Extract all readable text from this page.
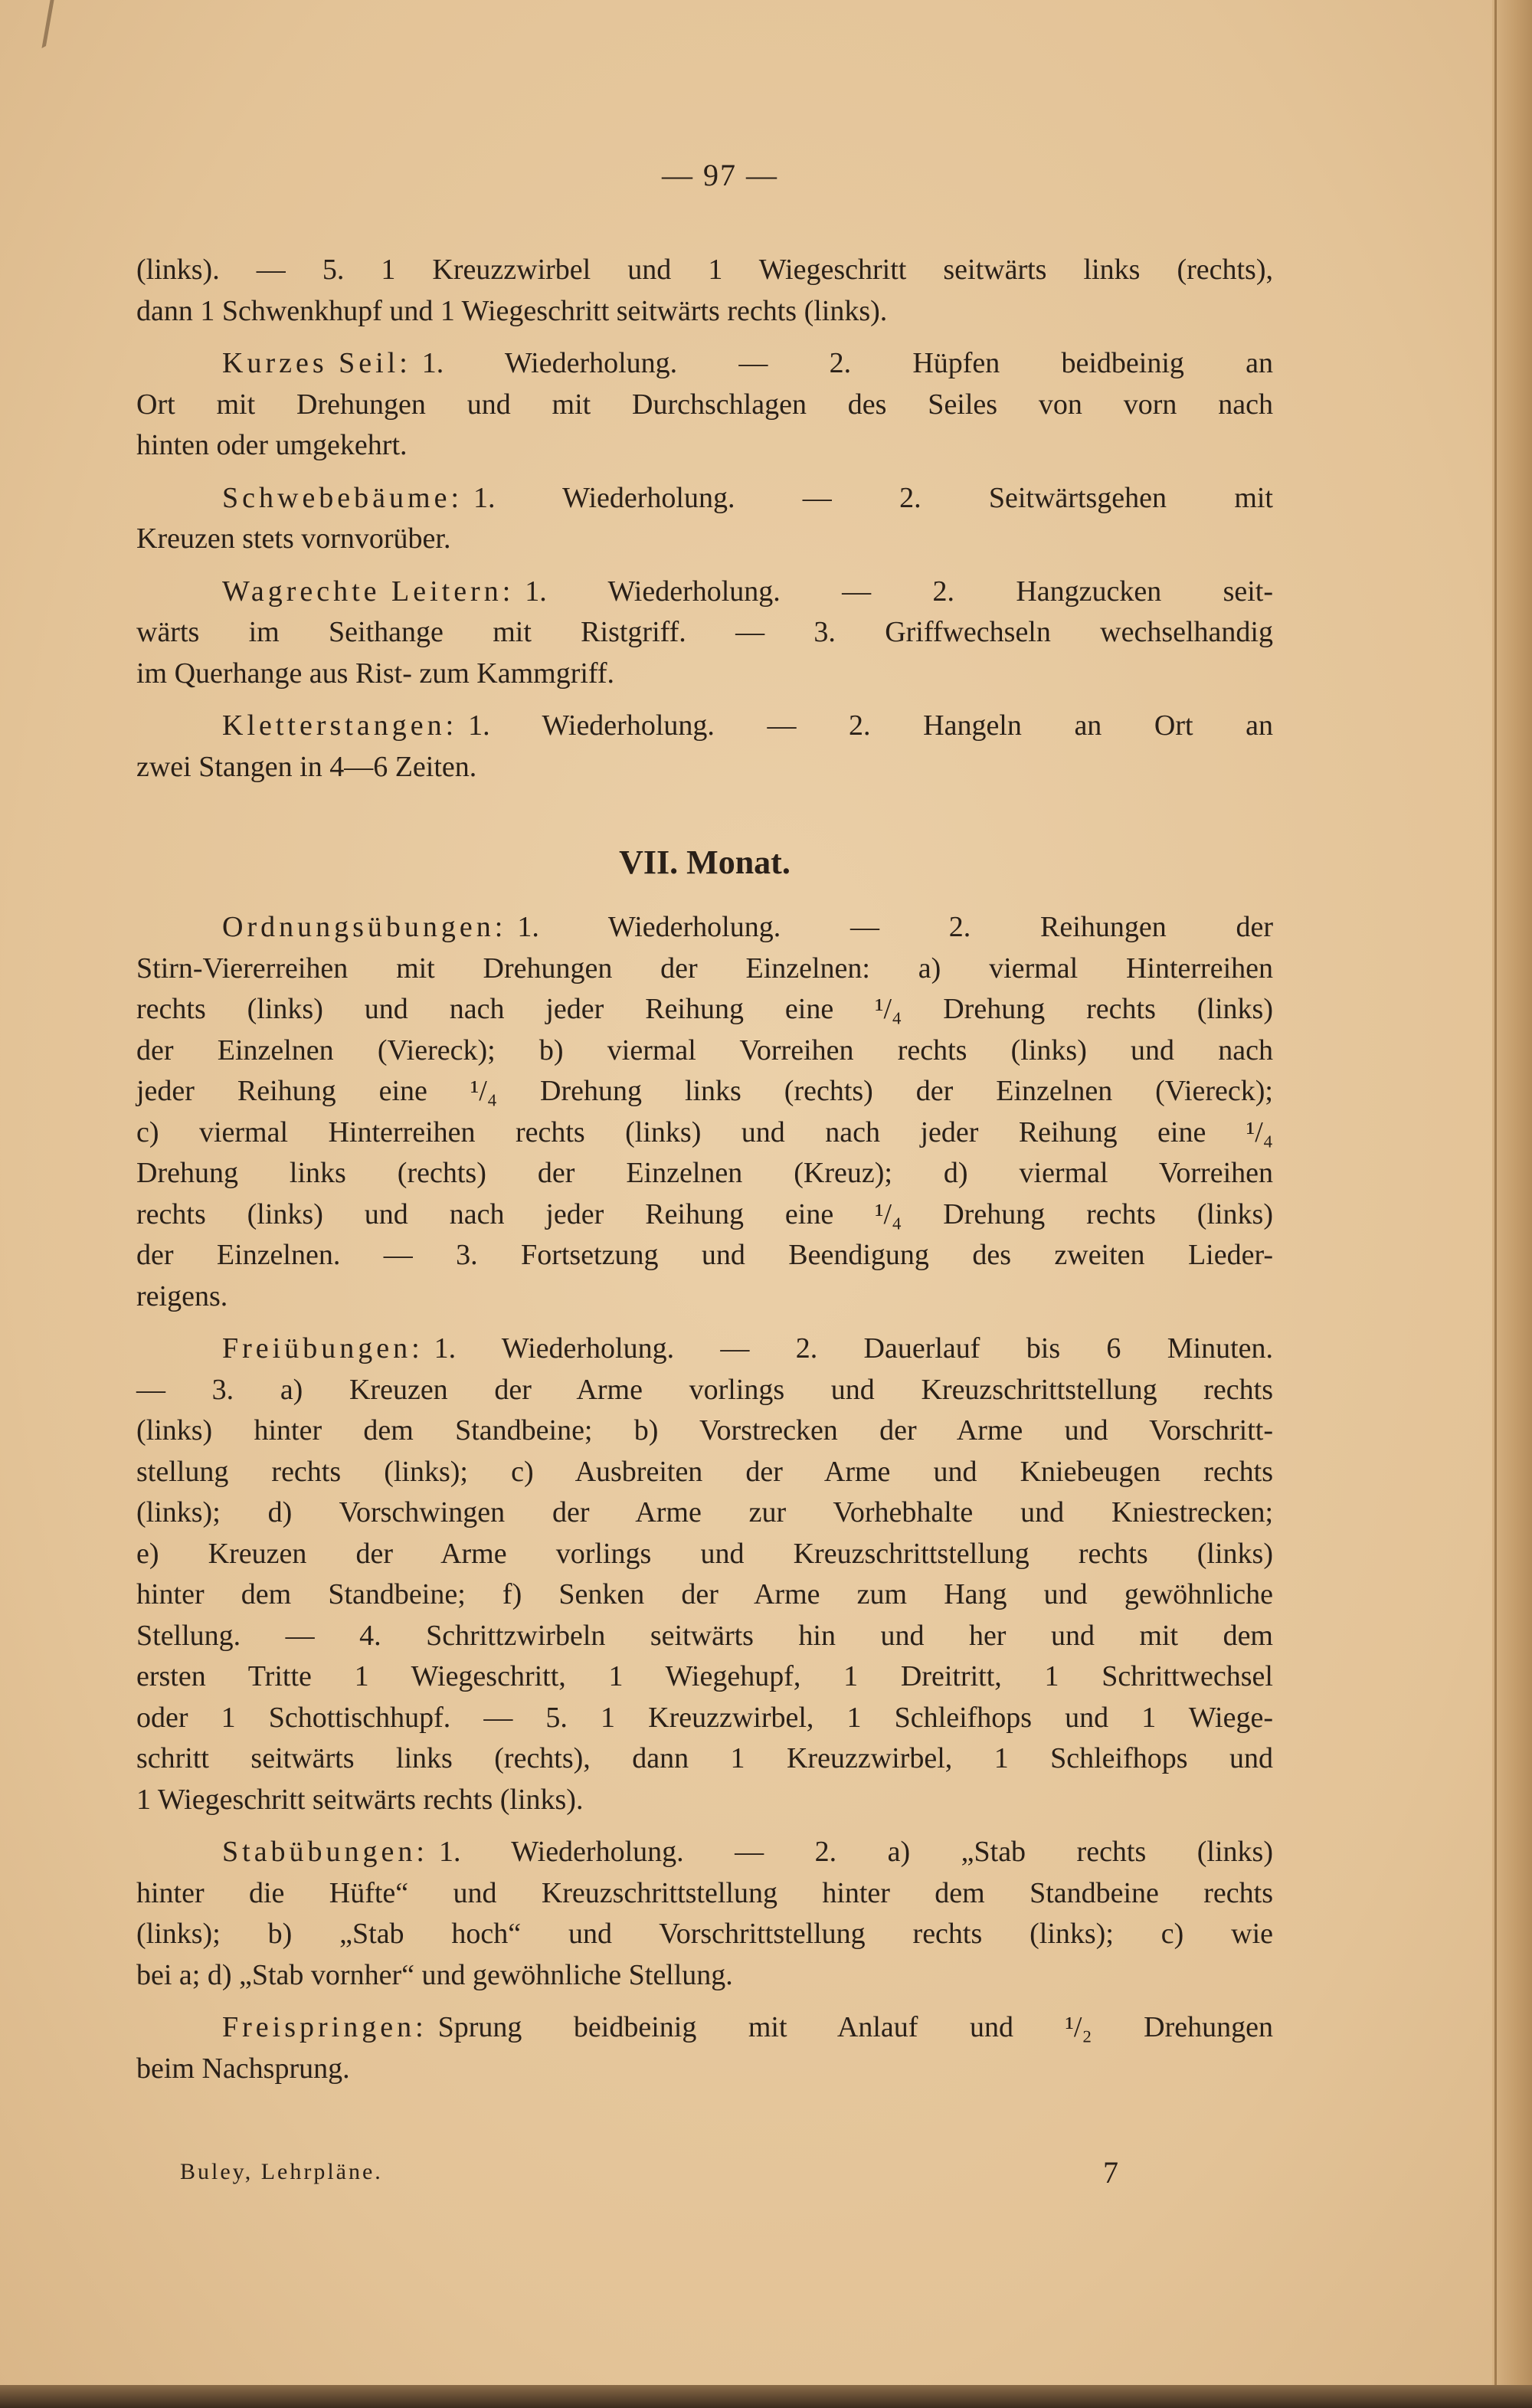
— 97 —
(links). — 5. 1 Kreuzzwirbel und 1 Wiegeschritt seitwärts links (rechts),
dann 1 Schwenkhupf und 1 Wiegeschritt seitwärts rechts (links).
Kurzes Seil: 1. Wiederholung. — 2. Hüpfen beidbeinig an
Ort mit Drehungen und mit Durchschlagen des Seiles von vorn nach
hinten oder umgekehrt.
Schwebebäume: 1. Wiederholung. — 2. Seitwärtsgehen mit
Kreuzen stets vornvorüber.
Wagrechte Leitern: 1. Wiederholung. — 2. Hangzucken seit-
wärts im Seithange mit Ristgriff. — 3. Griffwechseln wechselhandig
im Querhange aus Rist- zum Kammgriff.
Kletterstangen: 1. Wiederholung. — 2. Hangeln an Ort an
zwei Stangen in 4—6 Zeiten.
VII. Monat.
Ordnungsübungen: 1. Wiederholung. — 2. Reihungen der
Stirn-Viererreihen mit Drehungen der Einzelnen: a) viermal Hinterreihen
rechts (links) und nach jeder Reihung eine ¹/₄ Drehung rechts (links)
der Einzelnen (Viereck); b) viermal Vorreihen rechts (links) und nach
jeder Reihung eine ¹/₄ Drehung links (rechts) der Einzelnen (Viereck);
c) viermal Hinterreihen rechts (links) und nach jeder Reihung eine ¹/₄
Drehung links (rechts) der Einzelnen (Kreuz); d) viermal Vorreihen
rechts (links) und nach jeder Reihung eine ¹/₄ Drehung rechts (links)
der Einzelnen. — 3. Fortsetzung und Beendigung des zweiten Lieder-
reigens.
Freiübungen: 1. Wiederholung. — 2. Dauerlauf bis 6 Minuten.
— 3. a) Kreuzen der Arme vorlings und Kreuzschrittstellung rechts
(links) hinter dem Standbeine; b) Vorstrecken der Arme und Vorschritt-
stellung rechts (links); c) Ausbreiten der Arme und Kniebeugen rechts
(links); d) Vorschwingen der Arme zur Vorhebhalte und Kniestrecken;
e) Kreuzen der Arme vorlings und Kreuzschrittstellung rechts (links)
hinter dem Standbeine; f) Senken der Arme zum Hang und gewöhnliche
Stellung. — 4. Schrittzwirbeln seitwärts hin und her und mit dem
ersten Tritte 1 Wiegeschritt, 1 Wiegehupf, 1 Dreitritt, 1 Schrittwechsel
oder 1 Schottischhupf. — 5. 1 Kreuzzwirbel, 1 Schleifhops und 1 Wiege-
schritt seitwärts links (rechts), dann 1 Kreuzzwirbel, 1 Schleifhops und
1 Wiegeschritt seitwärts rechts (links).
Stabübungen: 1. Wiederholung. — 2. a) „Stab rechts (links)
hinter die Hüfte“ und Kreuzschrittstellung hinter dem Standbeine rechts
(links); b) „Stab hoch“ und Vorschrittstellung rechts (links); c) wie
bei a; d) „Stab vornher“ und gewöhnliche Stellung.
Freispringen: Sprung beidbeinig mit Anlauf und ¹/₂ Drehungen
beim Nachsprung.
Buley, Lehrpläne.	7
